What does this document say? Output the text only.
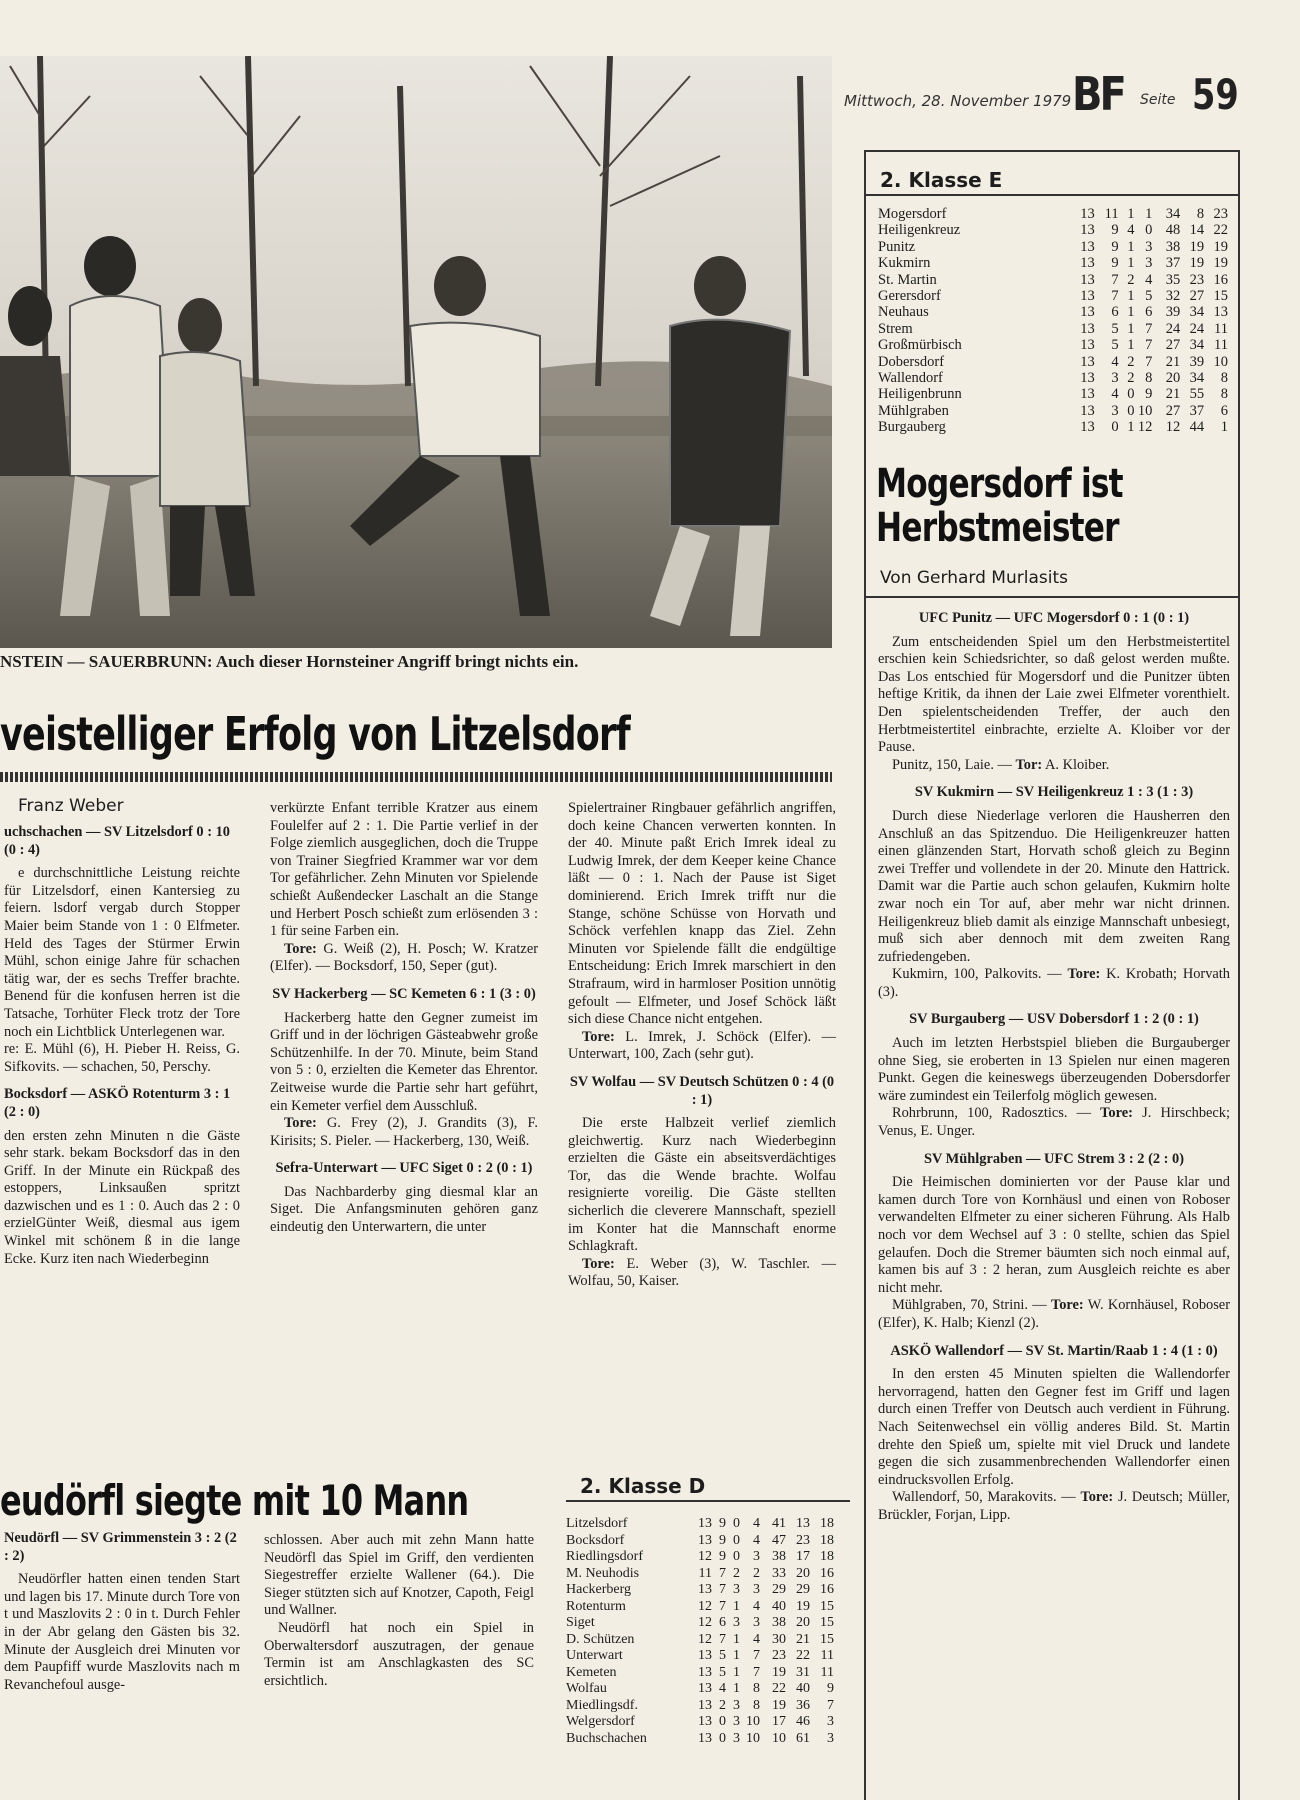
Mittwoch, 28. November 1979 BF Seite 59
NSTEIN — SAUERBRUNN: Auch dieser Hornsteiner Angriff bringt nichts ein.
2. Klasse E
Mogersdorf	13 11 1 1 34	8 23
Heiligenkreuz	13	9 4 0 48 14 22
Punitz	13	9 1 3 38 19 19
Kukmirn	13	9 1 3 37 19 19
St. Martin	13	7 2 4 35 23 16
Gerersdorf	13	7 1 5 32 27 15
Neuhaus	13	6 1 6 39 34 13
Strem	13	5 1 7 24 24 11
Großmürbisch	13	5 1 7 27 34 11
Dobersdorf	13	4 2 7 21 39 10
Wallendorf	13	3 2 8 20 34	8
Heiligenbrunn	13	4 0 9 21 55	8
Mühlgraben	13	3 0 10 27 37	6
Burgauberg	13	0 1 12 12 44	1
Mogersdorf ist
Herbstmeister
Von Gerhard Murlasits

UFC Punitz — UFC Mogersdorf 0 : 1 (0 : 1)

Zum entscheidenden Spiel um den Herbstmeistertitel erschien kein Schiedsrichter, so daß gelost werden mußte. Das Los entschied für Mogersdorf und die Punitzer übten heftige Kritik, da ihnen der Laie zwei Elfmeter vorenthielt. Den spielentscheidenden Treffer, der auch den Herbtmeistertitel einbrachte, erzielte A. Kloiber vor der Pause.

Punitz, 150, Laie. — Tor: A. Kloiber.

SV Kukmirn — SV Heiligenkreuz 1 : 3 (1 : 3)

Durch diese Niederlage verloren die Hausherren den Anschluß an das Spitzenduo. Die Heiligenkreuzer hatten einen glänzenden Start, Horvath schoß gleich zu Beginn zwei Treffer und vollendete in der 20. Minute den Hattrick. Damit war die Partie auch schon gelaufen, Kukmirn holte zwar noch ein Tor auf, aber mehr war nicht drinnen. Heiligenkreuz blieb damit als einzige Mannschaft unbesiegt, muß sich aber dennoch mit dem zweiten Rang zufriedengeben.

Kukmirn, 100, Palkovits. — Tore: K. Krobath; Horvath (3).

SV Burgauberg — USV Dobersdorf 1 : 2 (0 : 1)

Auch im letzten Herbstspiel blieben die Burgauberger ohne Sieg, sie eroberten in 13 Spielen nur einen mageren Punkt. Gegen die keineswegs überzeugenden Dobersdorfer wäre zumindest ein Teilerfolg möglich gewesen.

Rohrbrunn, 100, Radosztics. — Tore: J. Hirschbeck; Venus, E. Unger.

SV Mühlgraben — UFC Strem 3 : 2 (2 : 0)

Die Heimischen dominierten vor der Pause klar und kamen durch Tore von Kornhäusl und einen von Roboser verwandelten Elfmeter zu einer sicheren Führung. Als Halb noch vor dem Wechsel auf 3 : 0 stellte, schien das Spiel gelaufen. Doch die Stremer bäumten sich noch einmal auf, kamen bis auf 3 : 2 heran, zum Ausgleich reichte es aber nicht mehr.

Mühlgraben, 70, Strini. — Tore: W. Kornhäusel, Roboser (Elfer), K. Halb; Kienzl (2).

ASKÖ Wallendorf — SV St. Martin/Raab 1 : 4 (1 : 0)

In den ersten 45 Minuten spielten die Wallendorfer hervorragend, hatten den Gegner fest im Griff und lagen durch einen Treffer von Deutsch auch verdient in Führung. Nach Seitenwechsel ein völlig anderes Bild. St. Martin drehte den Spieß um, spielte mit viel Druck und landete gegen die sich zusammenbrechenden Wallendorfer einen eindrucksvollen Erfolg.

Wallendorf, 50, Marakovits. — Tore: J. Deutsch; Müller, Brückler, Forjan, Lipp.

veistelliger Erfolg von Litzelsdorf
Franz Weber

uchschachen — SV Litzelsdorf 0 : 10 (0 : 4)

e durchschnittliche Leistung reichte für Litzelsdorf, einen Kantersieg zu feiern. lsdorf vergab durch Stopper Maier beim Stande von 1 : 0 Elfmeter. Held des Tages der Stürmer Erwin Mühl, schon einige Jahre für schachen tätig war, der es sechs Treffer brachte. Benend für die konfusen herren ist die Tatsache, Torhüter Fleck trotz der Tore noch ein Lichtblick Unterlegenen war.

re: E. Mühl (6), H. Pieber H. Reiss, G. Sifkovits. — schachen, 50, Perschy.

Bocksdorf — ASKÖ Rotenturm 3 : 1 (2 : 0)

den ersten zehn Minuten n die Gäste sehr stark. bekam Bocksdorf das in den Griff. In der Minute ein Rückpaß des estoppers, Linksaußen spritzt dazwischen und es 1 : 0. Auch das 2 : 0 erzielGünter Weiß, diesmal aus igem Winkel mit schönem ß in die lange Ecke. Kurz iten nach Wiederbeginn

verkürzte Enfant terrible Kratzer aus einem Foulelfer auf 2 : 1. Die Partie verlief in der Folge ziemlich ausgeglichen, doch die Truppe von Trainer Siegfried Krammer war vor dem Tor gefährlicher. Zehn Minuten vor Spielende schießt Außendecker Laschalt an die Stange und Herbert Posch schießt zum erlösenden 3 : 1 für seine Farben ein.

Tore: G. Weiß (2), H. Posch; W. Kratzer (Elfer). — Bocksdorf, 150, Seper (gut).

SV Hackerberg — SC Kemeten 6 : 1 (3 : 0)

Hackerberg hatte den Gegner zumeist im Griff und in der löchrigen Gästeabwehr große Schützenhilfe. In der 70. Minute, beim Stand von 5 : 0, erzielten die Kemeter das Ehrentor. Zeitweise wurde die Partie sehr hart geführt, ein Kemeter verfiel dem Ausschluß.

Tore: G. Frey (2), J. Grandits (3), F. Kirisits; S. Pieler. — Hackerberg, 130, Weiß.

Sefra-Unterwart — UFC Siget 0 : 2 (0 : 1)

Das Nachbarderby ging diesmal klar an Siget. Die Anfangsminuten gehören ganz eindeutig den Unterwartern, die unter

Spielertrainer Ringbauer gefährlich angriffen, doch keine Chancen verwerten konnten. In der 40. Minute paßt Erich Imrek ideal zu Ludwig Imrek, der dem Keeper keine Chance läßt — 0 : 1. Nach der Pause ist Siget dominierend. Erich Imrek trifft nur die Stange, schöne Schüsse von Horvath und Schöck verfehlen knapp das Ziel. Zehn Minuten vor Spielende fällt die endgültige Entscheidung: Erich Imrek marschiert in den Strafraum, wird in harmloser Position unnötig gefoult — Elfmeter, und Josef Schöck läßt sich diese Chance nicht entgehen.

Tore: L. Imrek, J. Schöck (Elfer). — Unterwart, 100, Zach (sehr gut).

SV Wolfau — SV Deutsch Schützen 0 : 4 (0 : 1)

Die erste Halbzeit verlief ziemlich gleichwertig. Kurz nach Wiederbeginn erzielten die Gäste ein abseitsverdächtiges Tor, das die Wende brachte. Wolfau resignierte voreilig. Die Gäste stellten sicherlich die cleverere Mannschaft, speziell im Konter hat die Mannschaft enorme Schlagkraft.

Tore: E. Weber (3), W. Taschler. — Wolfau, 50, Kaiser.

eudörfl siegte mit 10 Mann

Neudörfl — SV Grimmenstein 3 : 2 (2 : 2)

Neudörfler hatten einen tenden Start und lagen bis 17. Minute durch Tore von t und Maszlovits 2 : 0 in t. Durch Fehler in der Abr gelang den Gästen bis 32. Minute der Ausgleich drei Minuten vor dem Paupfiff wurde Maszlovits nach m Revanchefoul ausge-

schlossen. Aber auch mit zehn Mann hatte Neudörfl das Spiel im Griff, den verdienten Siegestreffer erzielte Wallener (64.). Die Sieger stützten sich auf Knotzer, Capoth, Feigl und Wallner.

Neudörfl hat noch ein Spiel in Oberwaltersdorf auszutragen, der genaue Termin ist am Anschlagkasten des SC ersichtlich.

2. Klasse D
Litzelsdorf	13 9 0 4 41 13 18
Bocksdorf	13 9 0 4 47 23 18
Riedlingsdorf	12 9 0 3 38 17 18
M. Neuhodis	11 7 2 2 33 20 16
Hackerberg	13 7 3 3 29 29 16
Rotenturm	12 7 1 4 40 19 15
Siget	12 6 3 3 38 20 15
D. Schützen	12 7 1 4 30 21 15
Unterwart	13 5 1 7 23 22 11
Kemeten	13 5 1 7 19 31 11
Wolfau	13 4 1 8 22 40	9
Miedlingsdf.	13 2 3 8 19 36	7
Welgersdorf	13 0 3 10 17 46	3
Buchschachen	13 0 3 10 10 61	3
